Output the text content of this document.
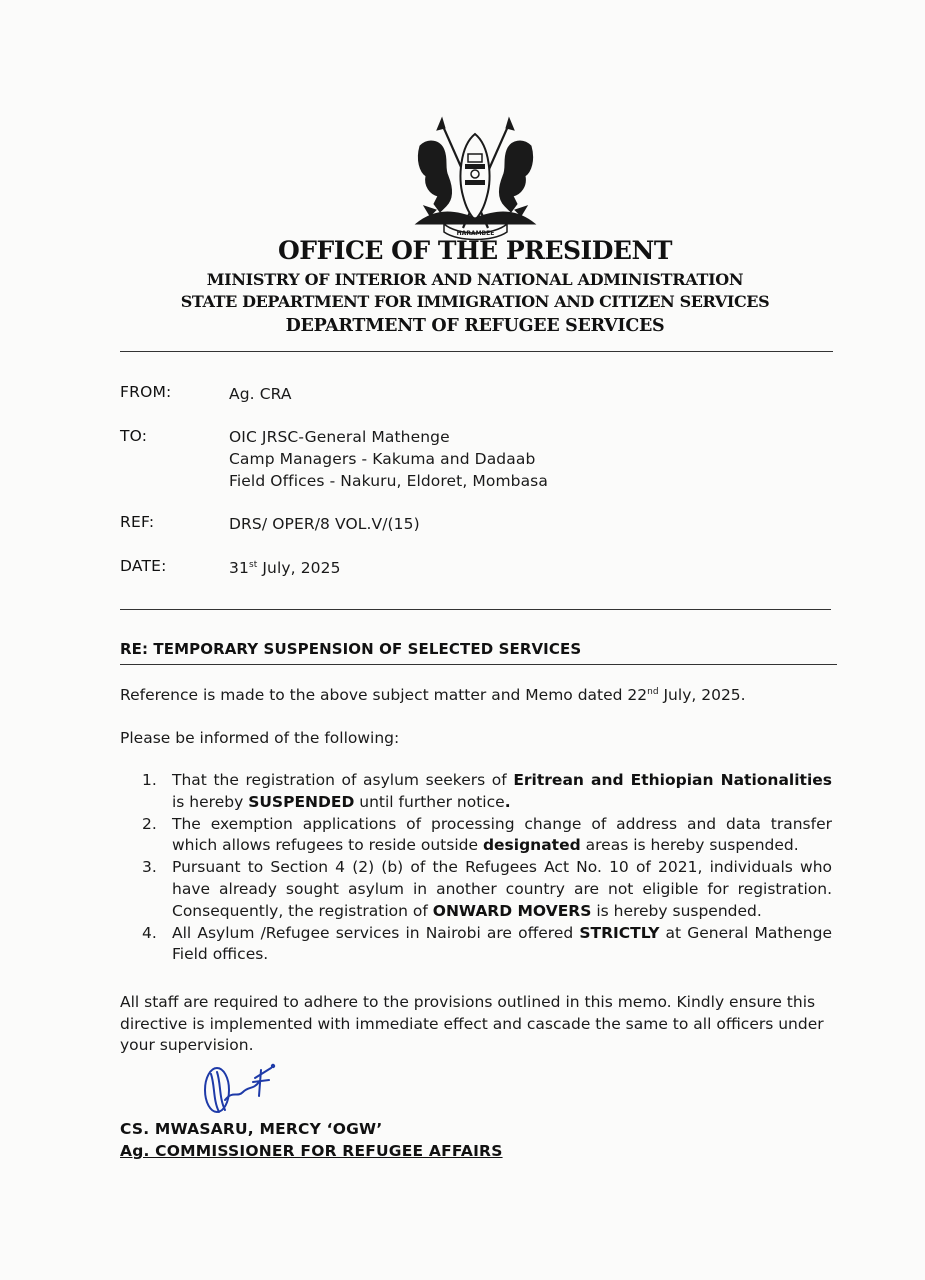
HARAMBEE
OFFICE OF THE PRESIDENT
MINISTRY OF INTERIOR AND NATIONAL ADMINISTRATION
STATE DEPARTMENT FOR IMMIGRATION AND CITIZEN SERVICES
DEPARTMENT OF REFUGEE SERVICES
FROM:	Ag. CRA
TO:	OIC JRSC-General Mathenge
Camp Managers - Kakuma and Dadaab
Field Offices - Nakuru, Eldoret, Mombasa
REF:	DRS/ OPER/8 VOL.V/(15)
DATE:	31st July, 2025
RE: TEMPORARY SUSPENSION OF SELECTED SERVICES
Reference is made to the above subject matter and Memo dated 22nd July, 2025.
Please be informed of the following:
1. That the registration of asylum seekers of Eritrean and Ethiopian Nationalities is hereby SUSPENDED until further notice.
2. The exemption applications of processing change of address and data transfer which allows refugees to reside outside designated areas is hereby suspended.
3. Pursuant to Section 4 (2) (b) of the Refugees Act No. 10 of 2021, individuals who have already sought asylum in another country are not eligible for registration. Consequently, the registration of ONWARD MOVERS is hereby suspended.
4. All Asylum /Refugee services in Nairobi are offered STRICTLY at General Mathenge Field offices.
All staff are required to adhere to the provisions outlined in this memo. Kindly ensure this directive is implemented with immediate effect and cascade the same to all officers under your supervision.
CS. MWASARU, MERCY ‘OGW’
Ag. COMMISSIONER FOR REFUGEE AFFAIRS
